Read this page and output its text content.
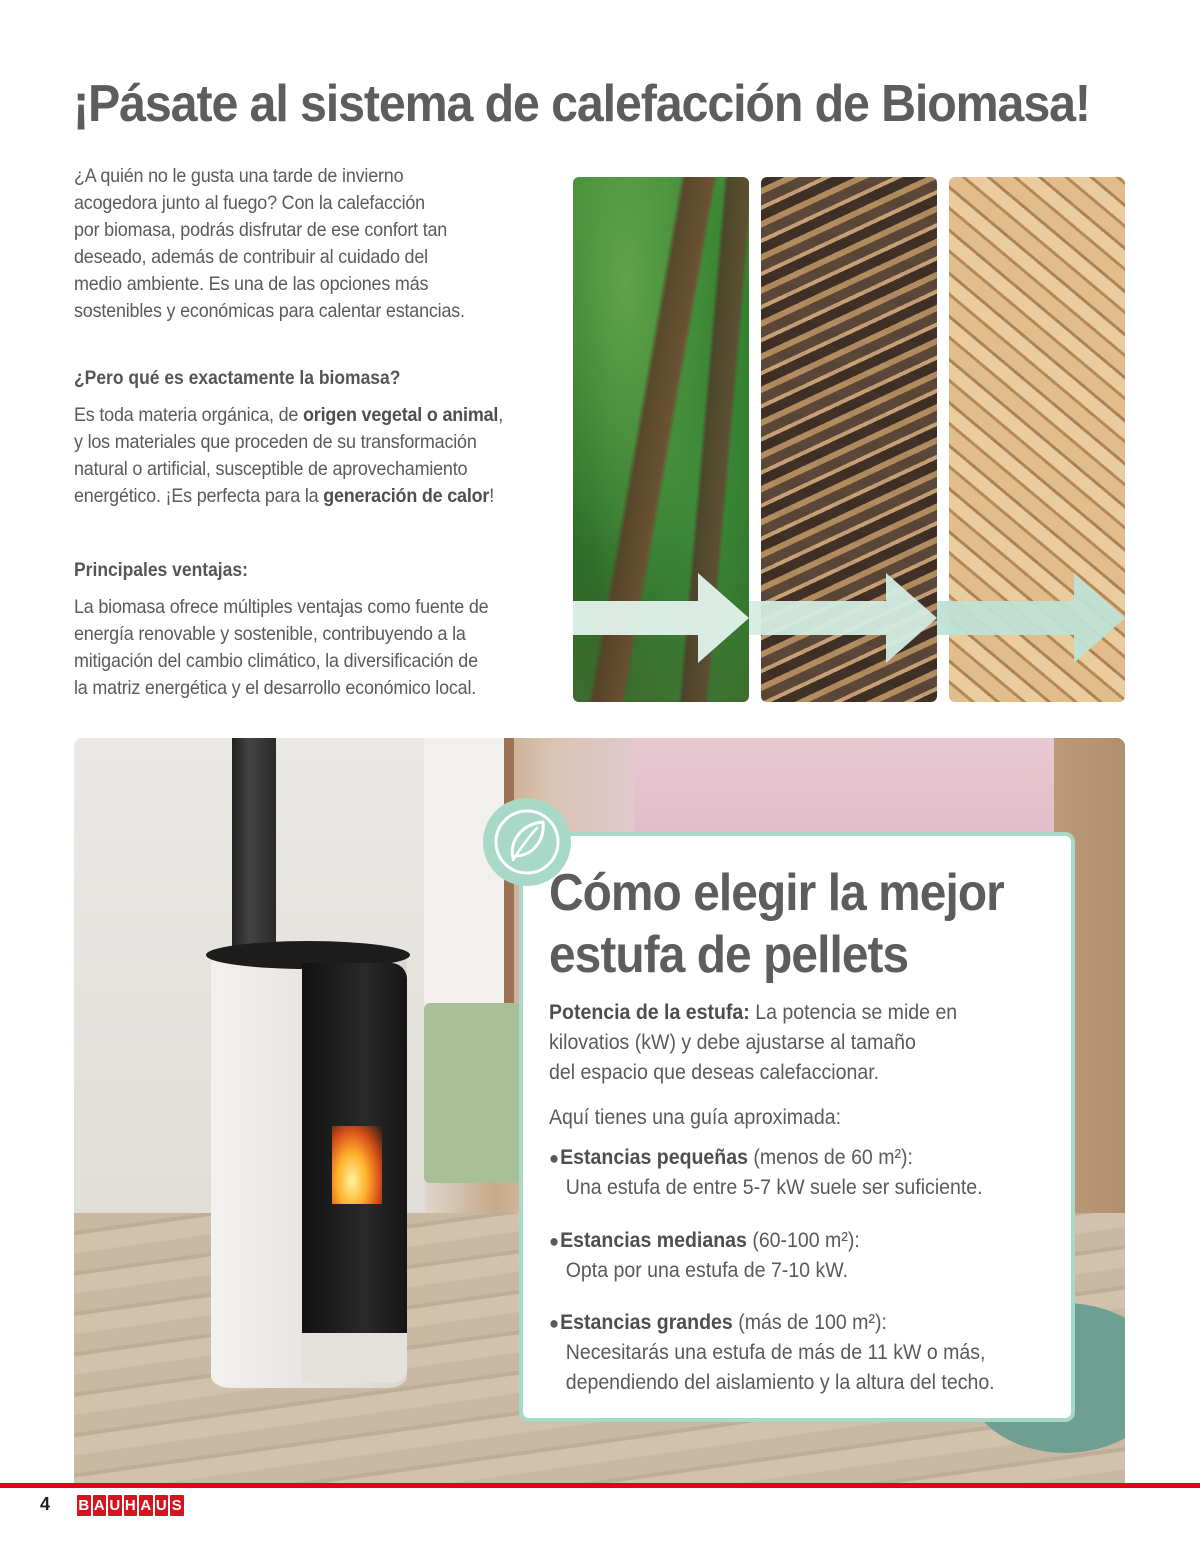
¡Pásate al sistema de calefacción de Biomasa!

¿A quién no le gusta una tarde de invierno

acogedora junto al fuego? Con la calefacción

por biomasa, podrás disfrutar de ese confort tan

deseado, además de contribuir al cuidado del

medio ambiente. Es una de las opciones más

sostenibles y económicas para calentar estancias.

¿Pero qué es exactamente la biomasa?

Es toda materia orgánica, de origen vegetal o animal,

y los materiales que proceden de su transformación

natural o artificial, susceptible de aprovechamiento

energético. ¡Es perfecta para la generación de calor!

Principales ventajas:

La biomasa ofrece múltiples ventajas como fuente de

energía renovable y sostenible, contribuyendo a la

mitigación del cambio climático, la diversificación de

la matriz energética y el desarrollo económico local.

Cómo elegir la mejor
estufa de pellets
Potencia de la estufa: La potencia se mide en
kilovatios (kW) y debe ajustarse al tamaño
del espacio que deseas calefaccionar.
Aquí tienes una guía aproximada:
●Estancias pequeñas (menos de 60 m²):
Una estufa de entre 5-7 kW suele ser suficiente.
●Estancias medianas (60-100 m²):
Opta por una estufa de 7-10 kW.
●Estancias grandes (más de 100 m²):
Necesitarás una estufa de más de 11 kW o más,
dependiendo del aislamiento y la altura del techo.
4 B A U H A U S
